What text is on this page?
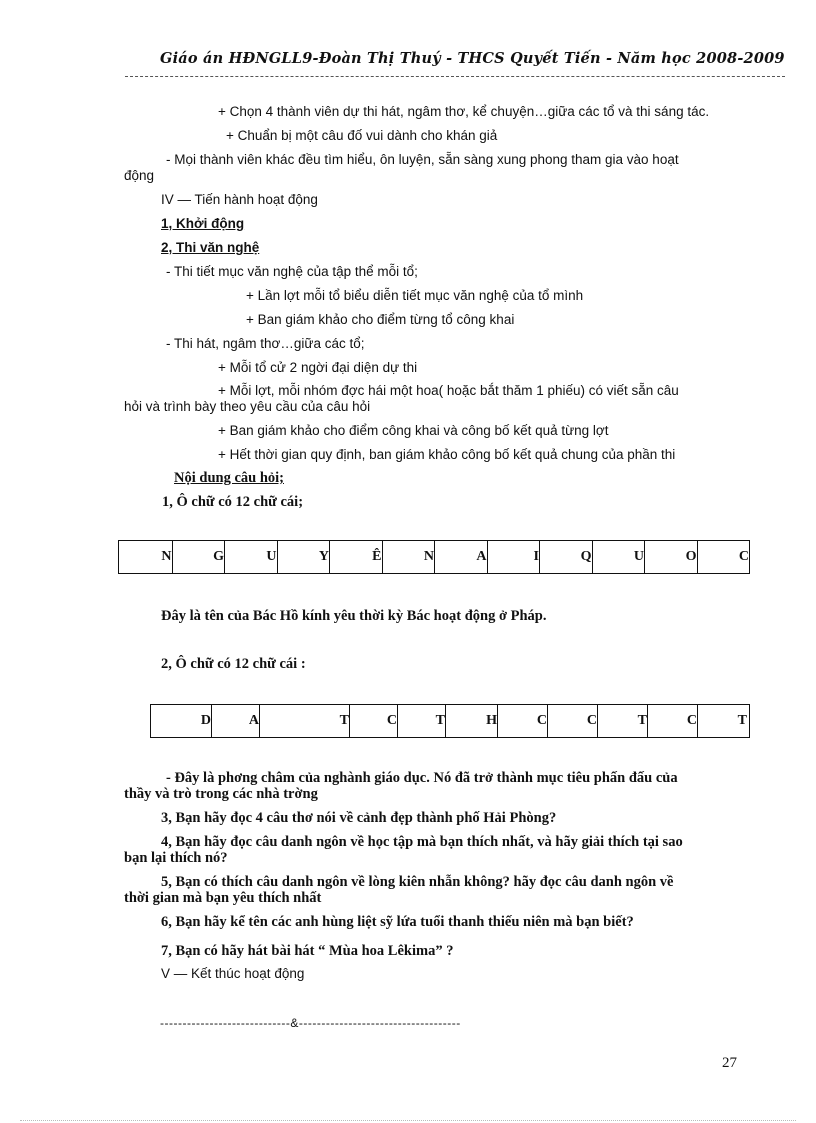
Giáo án HĐNGLL9-Đoàn Thị Thuý - THCS Quyết Tiến - Năm học 2008-2009
+ Chọn 4 thành viên dự thi hát, ngâm thơ, kể chuyện…giữa các tổ và thi sáng tác.
+ Chuẩn bị một câu đố vui dành cho khán giả
- Mọi thành viên khác đều tìm hiểu, ôn luyện, sẵn sàng xung phong tham gia vào hoạt
động
IV — Tiến hành hoạt động
1, Khởi động
2, Thi văn nghệ
- Thi tiết mục văn nghệ của tập thể mỗi tổ;
+ Lần lợt mỗi tổ biểu diễn tiết mục văn nghệ của tổ mình
+ Ban giám khảo cho điểm từng tổ công khai
- Thi hát, ngâm thơ…giữa các tổ;
+ Mỗi tổ cử 2 ngời đại diện dự thi
+ Mỗi lợt, mỗi nhóm đợc hái một hoa( hoặc bắt thăm 1 phiếu) có viết sẵn câu
hỏi và trình bày theo yêu cầu của câu hỏi
+ Ban giám khảo cho điểm công khai và công bố kết quả từng lợt
+ Hết thời gian quy định, ban giám khảo công bố kết quả chung của phần thi
Nội dung câu hỏi;
1, Ô chữ có 12 chữ cái;
N	G	U	Y	Ê	N	A	I	Q	U	O	C
Đây là tên của Bác Hồ kính yêu thời kỳ Bác hoạt động ở Pháp.
2, Ô chữ có 12 chữ cái :
D	A	T	C	T	H	C	C	T	C	T
- Đây là phơng châm của nghành giáo dục. Nó đã trở thành mục tiêu phấn đấu của
thầy và trò trong các nhà trờng
3, Bạn hãy đọc 4 câu thơ nói về cảnh đẹp thành phố Hải Phòng?
4, Bạn hãy đọc câu danh ngôn về học tập mà bạn thích nhất, và hãy giải thích tại sao
bạn lại thích nó?
5, Bạn có thích câu danh ngôn về lòng kiên nhẫn không? hãy đọc câu danh ngôn về
thời gian mà bạn yêu thích nhất
6, Bạn hãy kể tên các anh hùng liệt sỹ lứa tuổi thanh thiếu niên mà bạn biết?
7, Bạn có hãy hát bài hát “ Mùa hoa Lêkima” ?
V — Kết thúc hoạt động
-----------------------------&------------------------------------
27
